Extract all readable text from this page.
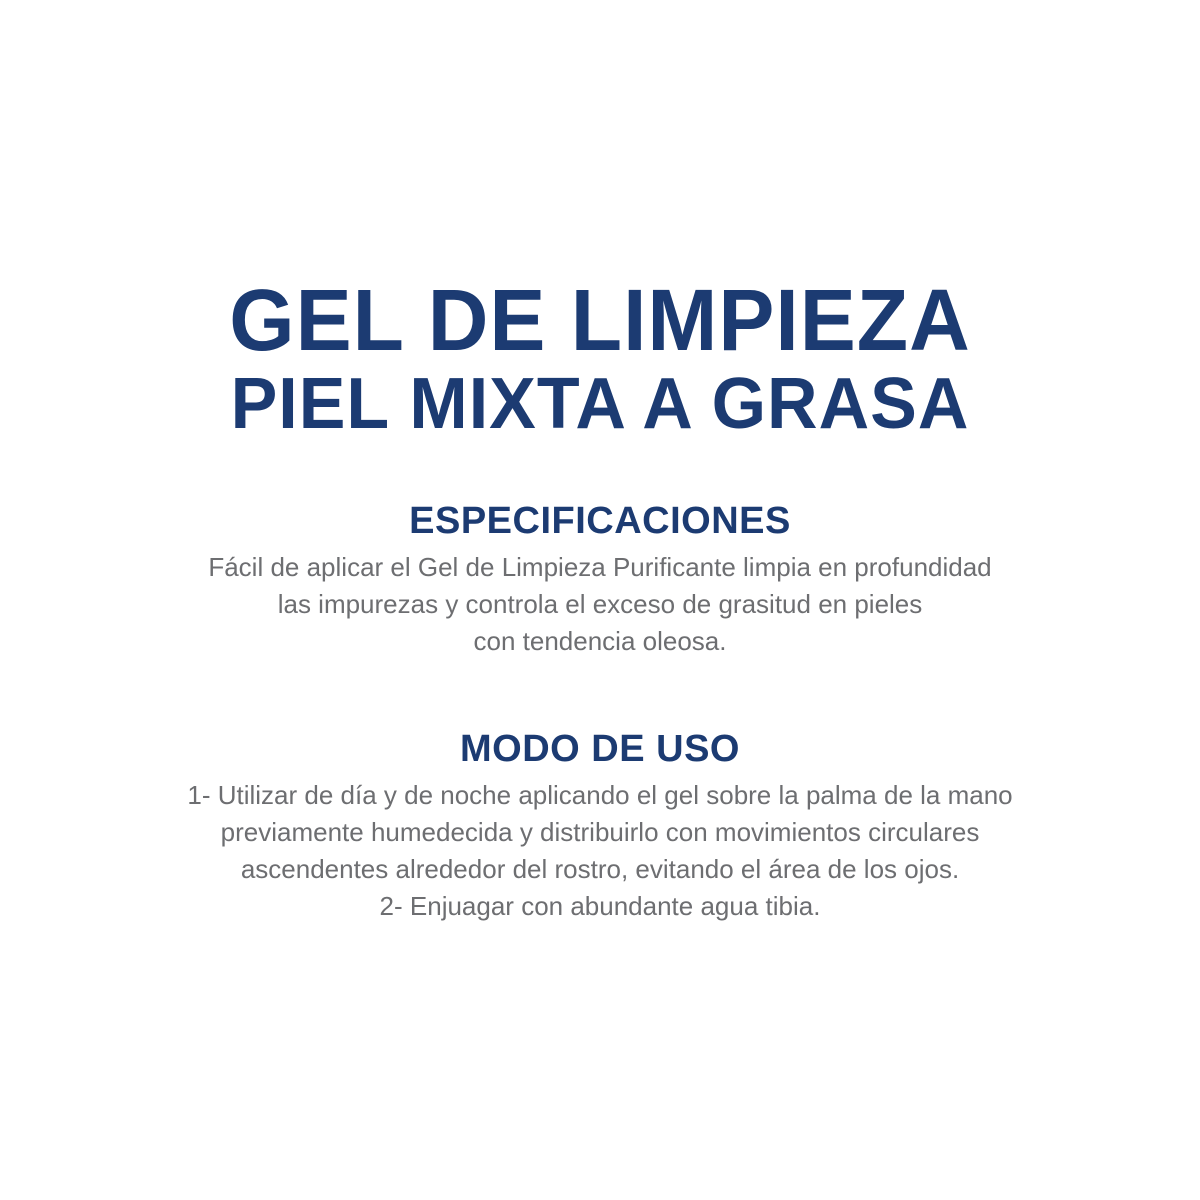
GEL DE LIMPIEZA
PIEL MIXTA A GRASA
ESPECIFICACIONES
Fácil de aplicar el Gel de Limpieza Purificante limpia en profundidad
las impurezas y controla el exceso de grasitud en pieles
con tendencia oleosa.
MODO DE USO
1- Utilizar de día y de noche aplicando el gel sobre la palma de la mano
previamente humedecida y distribuirlo con movimientos circulares
ascendentes alrededor del rostro, evitando el área de los ojos.
2- Enjuagar con abundante agua tibia.
